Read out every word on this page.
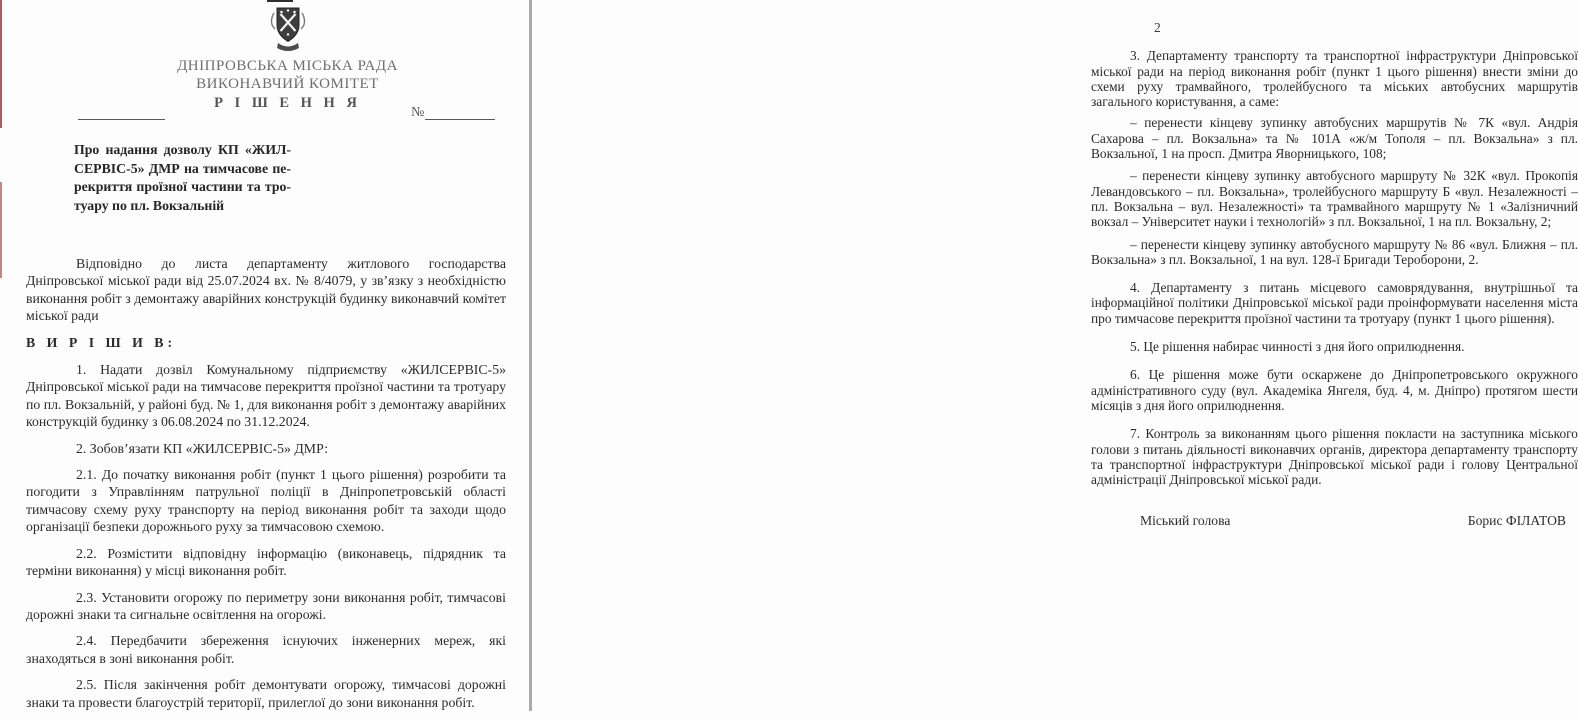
ДНІПРОВСЬКА МІСЬКА РАДА
ВИКОНАВЧИЙ КОМІТЕТ
Р І Ш Е Н Н Я
№
Про надання дозволу КП «ЖИЛ-
СЕРВІС-5» ДМР на тимчасове пе-
рекриття проїзної частини та тро-
туару по пл. Вокзальній

Відповідно до листа департаменту житлового господарства Дніпровської міської ради від 25.07.2024 вх. № 8/4079, у зв’язку з необхідністю виконання робіт з демонтажу аварійних конструкцій будинку виконавчий комітет міської ради

В И Р І Ш И В:

1. Надати дозвіл Комунальному підприємству «ЖИЛСЕРВІС-5» Дніпровської міської ради на тимчасове перекриття проїзної частини та тротуару по пл. Вокзальній, у районі буд. № 1, для виконання робіт з демонтажу аварійних конструкцій будинку з 06.08.2024 по 31.12.2024.

2. Зобов’язати КП «ЖИЛСЕРВІС-5» ДМР:

2.1. До початку виконання робіт (пункт 1 цього рішення) розробити та погодити з Управлінням патрульної поліції в Дніпропетровській області тимчасову схему руху транспорту на період виконання робіт та заходи щодо організації безпеки дорожнього руху за тимчасовою схемою.

2.2. Розмістити відповідну інформацію (виконавець, підрядник та терміни виконання) у місці виконання робіт.

2.3. Установити огорожу по периметру зони виконання робіт, тимчасові дорожні знаки та сигнальне освітлення на огорожі.

2.4. Передбачити збереження існуючих інженерних мереж, які знаходяться в зоні виконання робіт.

2.5. Після закінчення робіт демонтувати огорожу, тимчасові дорожні знаки та провести благоустрій території, прилеглої до зони виконання робіт.

2

3. Департаменту транспорту та транспортної інфраструктури Дніпровської міської ради на період виконання робіт (пункт 1 цього рішення) внести зміни до схеми руху трамвайного, тролейбусного та міських автобусних маршрутів загального користування, а саме:

– перенести кінцеву зупинку автобусних маршрутів № 7К «вул. Андрія Сахарова – пл. Вокзальна» та № 101А «ж/м Тополя – пл. Вокзальна» з пл. Вокзальної, 1 на просп. Дмитра Яворницького, 108;

– перенести кінцеву зупинку автобусного маршруту № 32К «вул. Прокопія Левандовського – пл. Вокзальна», тролейбусного маршруту Б «вул. Незалежності – пл. Вокзальна – вул. Незалежності» та трамвайного маршруту № 1 «Залізничний вокзал – Університет науки і технологій» з пл. Вокзальної, 1 на пл. Вокзальну, 2;

– перенести кінцеву зупинку автобусного маршруту № 86 «вул. Ближня – пл. Вокзальна» з пл. Вокзальної, 1 на вул. 128-ї Бригади Тероборони, 2.

4. Департаменту з питань місцевого самоврядування, внутрішньої та інформаційної політики Дніпровської міської ради проінформувати населення міста про тимчасове перекриття проїзної частини та тротуару (пункт 1 цього рішення).

5. Це рішення набирає чинності з дня його оприлюднення.

6. Це рішення може бути оскаржене до Дніпропетровського окружного адміністративного суду (вул. Академіка Янгеля, буд. 4, м. Дніпро) протягом шести місяців з дня його оприлюднення.

7. Контроль за виконанням цього рішення покласти на заступника міського голови з питань діяльності виконавчих органів, директора департаменту транспорту та транспортної інфраструктури Дніпровської міської ради і голову Центральної адміністрації Дніпровської міської ради.

Міський голова	Борис ФІЛАТОВ
